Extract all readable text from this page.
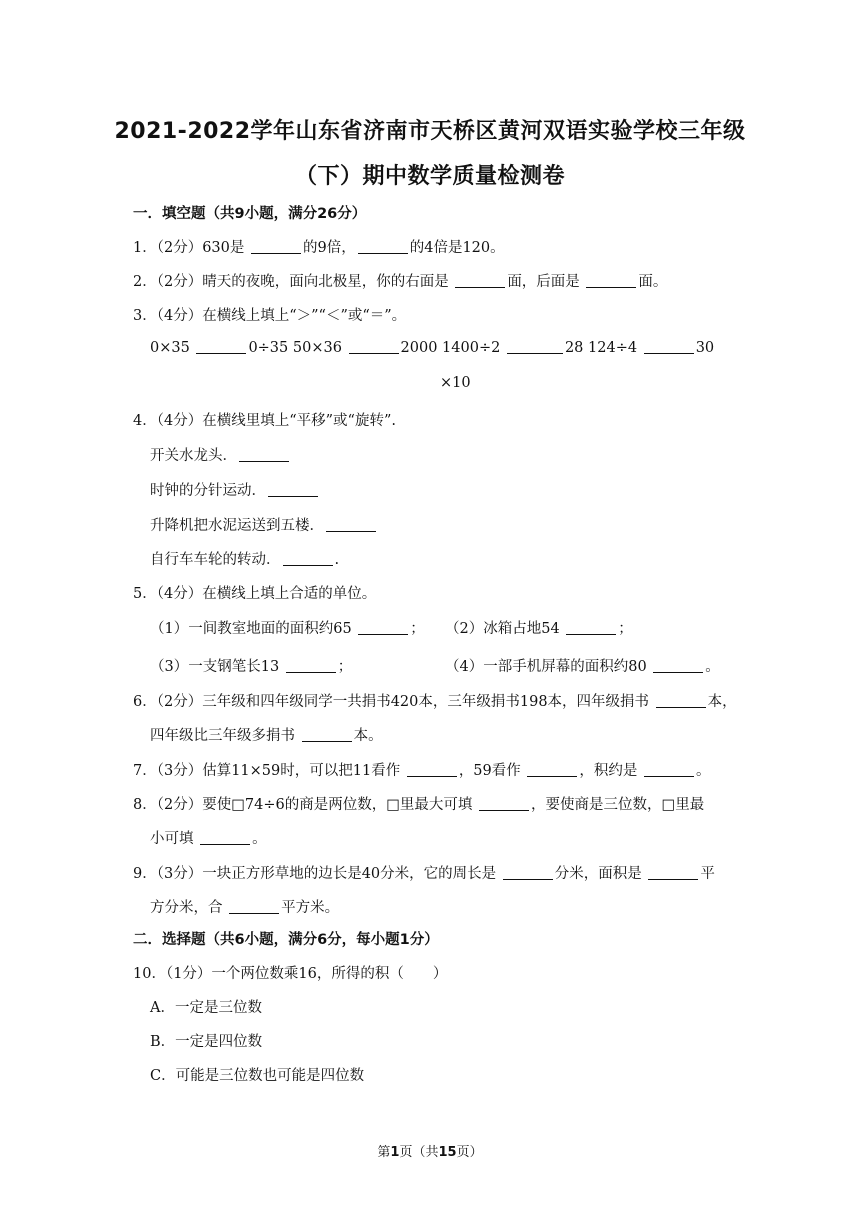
2021-2022学年山东省济南市天桥区黄河双语实验学校三年级
（下）期中数学质量检测卷
一．填空题（共9小题，满分26分）
1．（2分）630是	的9倍，	的4倍是120。
2．（2分）晴天的夜晚，面向北极星，你的右面是	面，后面是	面。
3．（4分）在横线上填上“＞”“＜”或“＝”。
0×35	0÷35 50×36	2000 1400÷2	28 124÷4	30
×10
4．（4分）在横线里填上“平移”或“旋转”.
开关水龙头．
时钟的分针运动．
升降机把水泥运送到五楼．
自行车车轮的转动．	.
5．（4分）在横线上填上合适的单位。
（1）一间教室地面的面积约65	； （2）冰箱占地54	；
（3）一支钢笔长13	；	（4）一部手机屏幕的面积约80	。
6．（2分）三年级和四年级同学一共捐书420本，三年级捐书198本，四年级捐书	本，
四年级比三年级多捐书	本。
7．（3分）估算11×59时，可以把11看作	，59看作	，积约是	。
8．（2分）要使□74÷6的商是两位数，□里最大可填	，要使商是三位数，□里最
小可填	。
9．（3分）一块正方形草地的边长是40分米，它的周长是	分米，面积是	平
方分米，合	平方米。
二．选择题（共6小题，满分6分，每小题1分）
10．（1分）一个两位数乘16，所得的积（　　）
A．一定是三位数
B．一定是四位数
C．可能是三位数也可能是四位数
第1页（共15页）
